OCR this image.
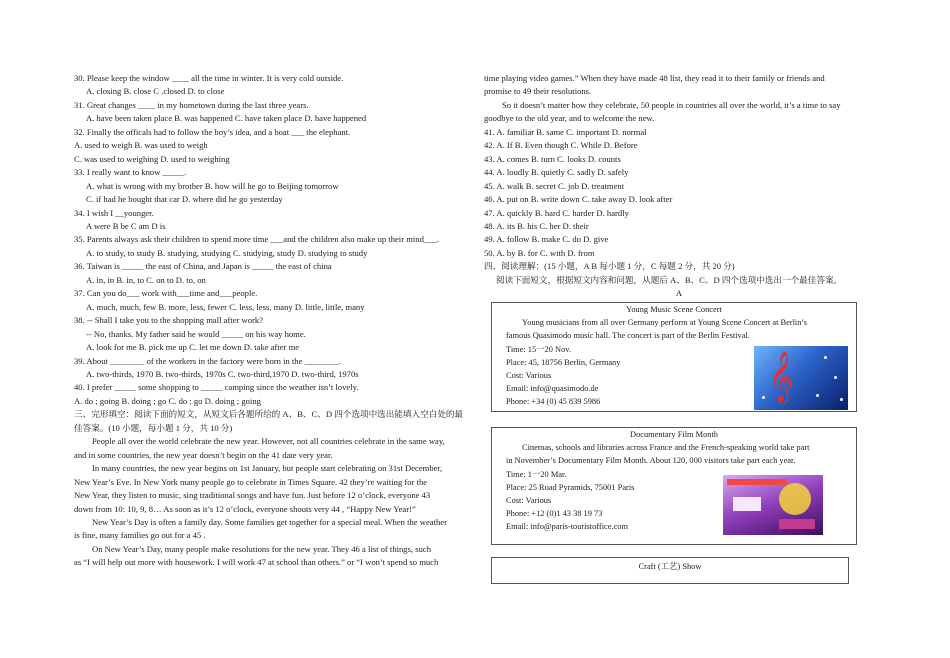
30. Please keep the window ____ all the time in winter. It is very cold outside.
A. closing B. close C .closed D. to close
31. Great changes ____ in my hometown during the last three years.
A. have been taken place B. was happened C. have taken place D. have happened
32. Finally the officals had to follow the boy’s idea, and a boat ___ the elephant.
A. used to weigh B. was used to weigh
C. was used to weighing D. used to weighing
33. I really want to know _____.
A. what is wrong with my brother B. how will he go to Beijing tomorrow
C. if had he bought that car D. where did he go yesterday
34. I wish I __younger.
A were B be C am D is
35. Parents always ask their children to spend more time ___and the children also make up their mind___.
A. to study, to study B. studying, studying C. studying, study D. studying to study
36. Taiwan is _____ the east of China, and Japan is _____ the east of china
A. in, in B. in, to C. on to D. to, on
37. Can you do___ work with___time and___people.
A. much, much, few B. more, less, fewer C. less, less, many D. little, little, many
38. -- Shall I take you to the shopping mall after work?
-- No, thanks. My father said he would _____ on his way home.
A. look for me B. pick me up C. let me down D. take after me
39. About ________ of the workers in the factory were born in the ________.
A. two-thirds, 1970 B. two-thirds, 1970s C. two-third,1970 D. two-third, 1970s
40. I prefer _____ some shopping to _____ camping since the weather isn’t lovely.
A. do ; going B. doing ; go C. do ; go D. doing ; going
三、完形填空：阅读下面的短文，从短文后各题所给的 A、B、C、D 四个选项中选出能填入空白处的最
佳答案。(10 小题，每小题 1 分，共 10 分)
People all over the world celebrate the new year. However, not all countries celebrate in the same way,
and in some countries, the new year doesn’t begin on the 41 date very year.
In many countries, the new year begins on 1st January, but people start celebrating on 31st December,
New Year’s Eve. In New York many people go to celebrate in Times Square. 42 they’re waiting for the
New Year, they listen to music, sing traditional songs and have fun. Just before 12 o’clock, everyone 43
down from 10: 10, 9, 8… As soon as it’s 12 o’clock, everyone shouts very 44 , “Happy New Year!”
New Year’s Day is often a family day. Some families get together for a special meal. When the weather
is fine, many families go out for a 45 .
On New Year’s Day, many people make resolutions for the new year. They 46 a list of things, such
as “I will help out more with housework. I will work 47 at school than others.” or “I won’t spend so much
time playing video games.” When they have made 48 list, they read it to their family or friends and
promise to 49 their resolutions.
So it doesn’t matter how they celebrate, 50 people in countries all over the world, it’s a time to say
goodbye to the old year, and to welcome the new.
41. A. familiar B. same C. important D. normal
42. A. If B. Even though C. While D. Before
43. A. comes B. turn C. looks D. counts
44. A. loudly B. quietly C. sadly D. safely
45. A. walk B. secret C. job D. treatment
46. A. put on B. write down C. take away D. look after
47. A. quickly B. hard C. harder D. hardly
48. A. its B. his C. her D. their
49. A. follow B. make C. do D. give
50. A. by B. for C. with D. from
四、阅读理解：(15 小题，A B 每小题 1 分，C 每题 2 分，共 20 分)
阅读下面短文，根据短文内容和问题，从题后 A、B、C、D 四个选项中选出一个最佳答案。
A
Young Music Scene Concert
Young musicians from all over Germany perform at Young Scene Concert at Berlin’s
famous Quasimodo music hall. The concert is part of the Berlin Festival.
Time: 15一20 Nov.
Place: 45, 18756 Berlin, Germany
Cost: Various
Email: info@quasimodo.de
Phone: +34 (0) 45 839 5986	𝄞
Documentary Film Month
Cinemas, schools and libraries across France and the French-speaking world take part
in November’s Documentary Film Month. About 120, 000 visitors take part each year.
Time: 1一20 Mar.
Place: 25 Road Pyramids, 75001 Paris
Cost: Various
Phone: +12 (0)1 43 38 19 73
Email: info@paris-touristoffice.com
Craft (工艺) Show
